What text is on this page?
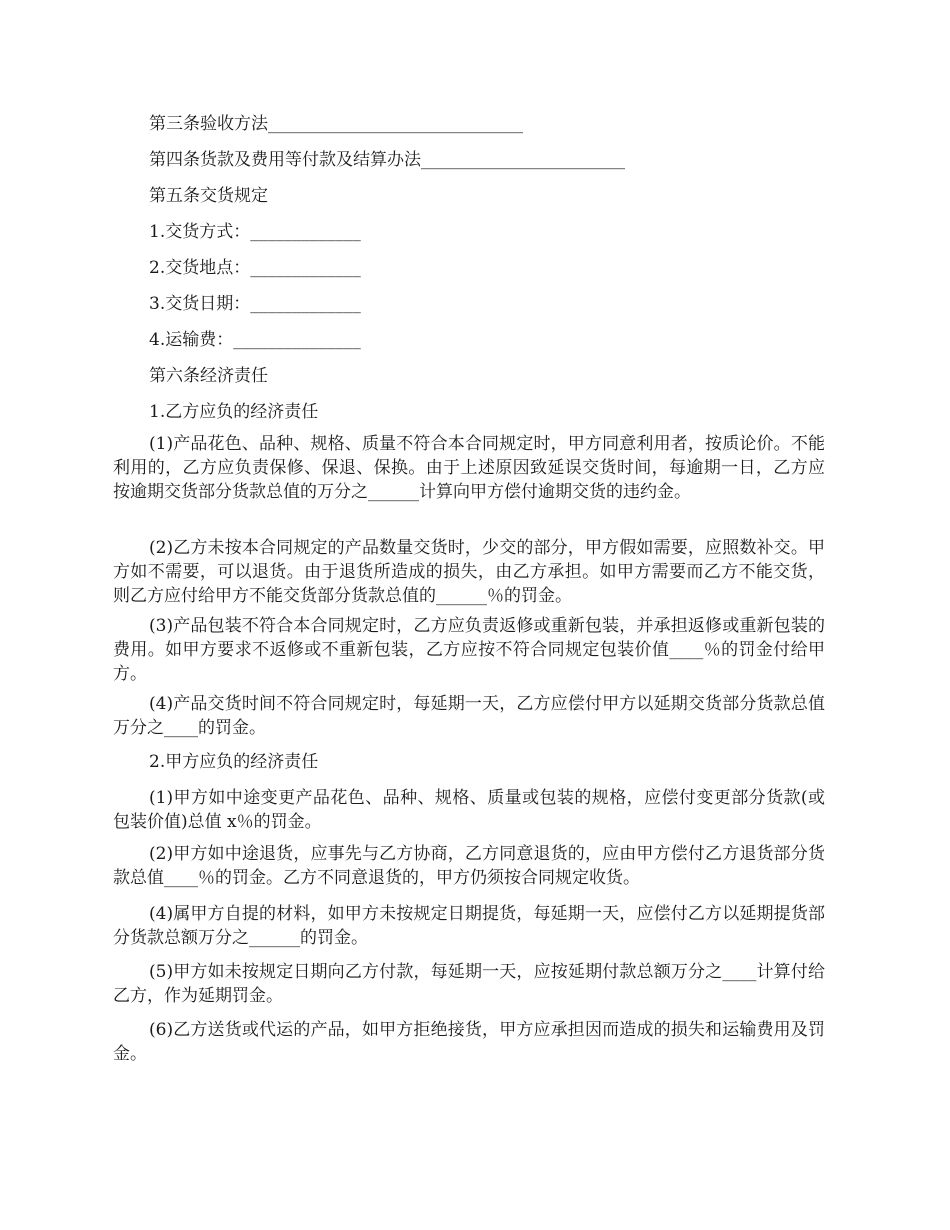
第三条验收方法______________________________
第四条货款及费用等付款及结算办法________________________
第五条交货规定
1.交货方式：_____________
2.交货地点：_____________
3.交货日期：_____________
4.运输费：_______________
第六条经济责任
1.乙方应负的经济责任
(1)产品花色、品种、规格、质量不符合本合同规定时，甲方同意利用者，按质论价。不能利用的，乙方应负责保修、保退、保换。由于上述原因致延误交货时间，每逾期一日，乙方应按逾期交货部分货款总值的万分之______计算向甲方偿付逾期交货的违约金。
(2)乙方未按本合同规定的产品数量交货时，少交的部分，甲方假如需要，应照数补交。甲方如不需要，可以退货。由于退货所造成的损失，由乙方承担。如甲方需要而乙方不能交货，则乙方应付给甲方不能交货部分货款总值的______％的罚金。
(3)产品包装不符合本合同规定时，乙方应负责返修或重新包装，并承担返修或重新包装的费用。如甲方要求不返修或不重新包装，乙方应按不符合同规定包装价值____％的罚金付给甲方。
(4)产品交货时间不符合同规定时，每延期一天，乙方应偿付甲方以延期交货部分货款总值万分之____的罚金。
2.甲方应负的经济责任
(1)甲方如中途变更产品花色、品种、规格、质量或包装的规格，应偿付变更部分货款(或包装价值)总值 x％的罚金。
(2)甲方如中途退货，应事先与乙方协商，乙方同意退货的，应由甲方偿付乙方退货部分货款总值____％的罚金。乙方不同意退货的，甲方仍须按合同规定收货。
(4)属甲方自提的材料，如甲方未按规定日期提货，每延期一天，应偿付乙方以延期提货部分货款总额万分之______的罚金。
(5)甲方如未按规定日期向乙方付款，每延期一天，应按延期付款总额万分之____计算付给乙方，作为延期罚金。
(6)乙方送货或代运的产品，如甲方拒绝接货，甲方应承担因而造成的损失和运输费用及罚金。
